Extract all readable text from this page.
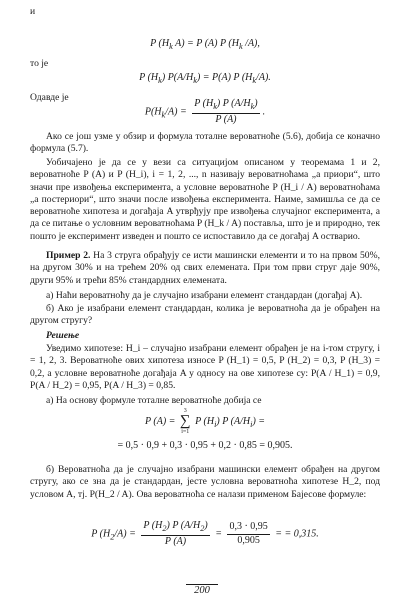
и

P ($H_k$ A) = P (A) P ($H_k$ /A),

то је

P $(H_k) P(A/H_k) = P(A)$ P $(H_k/A)$.

Одавде је

$P(H_k/A) = \frac{P (H_k) P (A/H_k)}{P (A)}$ .

Ако се још узме у обзир и формула тоталне вероватноће (5.6), добија се коначно формула (5.7).

Уобичајено је да се у вези са ситуацијом описаном у теоремама 1 и 2, вероватноће P (A) и P (H_i), i = 1, 2, ..., n називају вероватноћама „а приори“, што значи пре извођења експеримента, а условне вероватноће P (H_i / A) вероватноћама „а постериори“, што значи после извођења експеримента. Наиме, замишља се да се вероватноће хипотеза и догађаја A утврђују пре извођења случајног експеримента, а да се питање о условним вероватноћама P (H_k / A) поставља, што је и природно, тек пошто је експеримент изведен и пошто се испоставило да се догађај A остварио.

Пример 2. На 3 струга обрађују се исти машински елементи и то на првом 50%, на другом 30% и на трећем 20% од свих елемената. При том први струг даје 90%, други 95% и трећи 85% стандардних елемената.

а) Наћи вероватноћу да је случајно изабрани елемент стандардан (догађај A).

б) Ако је изабрани елемент стандардан, колика је вероватноћа да је обрађен на другом стругу?

Решење

Уведимо хипотезе: H_i – случајно изабрани елемент обрађен је на i-том стругу, i = 1, 2, 3. Вероватноће ових хипотеза износе P (H_1) = 0,5, P (H_2) = 0,3, P (H_3) = 0,2, а условне вероватноће догађаја A у односу на ове хипотезе су: P(A / H_1) = 0,9, P(A / H_2) = 0,95, P(A / H_3) = 0,85.

а) На основу формуле тоталне вероватноће добија се

P (A) =
3
∑
i=1
P $(H_i)$ P $(A/H_i)$ =

= 0,5 · 0,9 + 0,3 · 0,95 + 0,2 · 0,85 = 0,905.

б) Вероватноћа да је случајно изабрани машински елемент обрађен на другом стругу, ако се зна да је стандардан, јесте условна вероватноћа хипотезе H_2, под условом A, тј. P(H_2 / A). Ова вероватноћа се налази применом Бајесове формуле:

P $(H_2/A) = \frac{P (H_2) P (A/H_2)}{P (A)} = \frac{0,3 \cdot 0,95}{0,905}$ = = 0,315.

200
